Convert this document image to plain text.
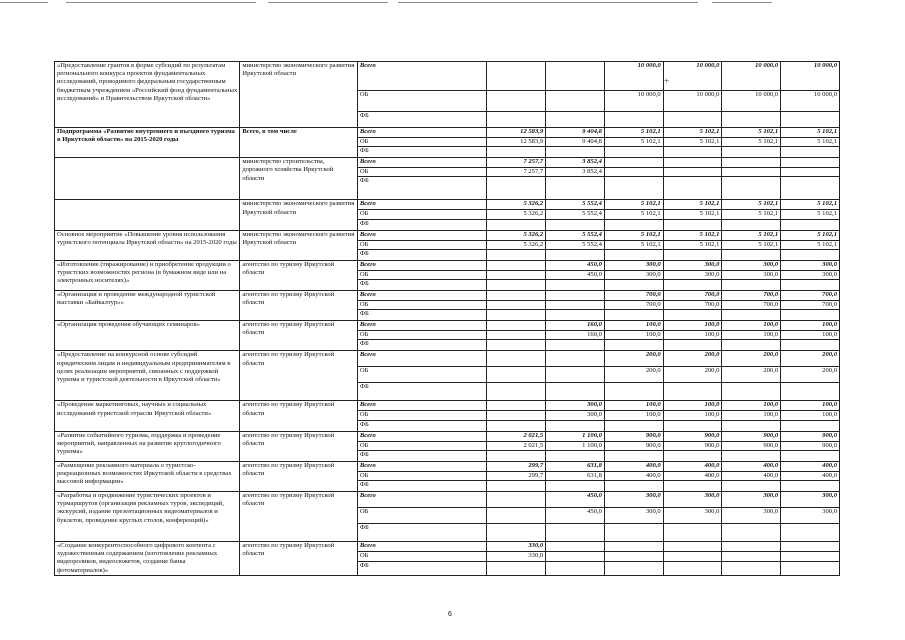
+
«Предоставление грантов в форме субсидий по результатам регионального конкурса проектов фундаментальных исследований, проводимого федеральным государственным бюджетным учреждением «Российский фонд фундаментальных исследований» и Правительством Иркутской области»	министерство экономического развития Иркутской области	Всего			10 000,0	10 000,0	10 000,0	10 000,0
		ОБ			10 000,0	10 000,0	10 000,0	10 000,0
		ФБ						
Подпрограмма «Развитие внутреннего и въездного туризма в Иркутской области» на 2015-2020 годы	Всего, в том числе	Всего	12 583,9	9 404,8	5 102,1	5 102,1	5 102,1	5 102,1
		ОБ	12 583,9	9 404,8	5 102,1	5 102,1	5 102,1	5 102,1
		ФБ						
	министерство строительства, дорожного хозяйства Иркутской области	Всего	7 257,7	3 852,4				
		ОБ	7 257,7	3 852,4				
		ФБ						
	министерство экономического развития Иркутской области	Всего	5 326,2	5 552,4	5 102,1	5 102,1	5 102,1	5 102,1
		ОБ	5 326,2	5 552,4	5 102,1	5 102,1	5 102,1	5 102,1
		ФБ						
Основное мероприятие «Повышение уровня использования туристского потенциала Иркутской области» на 2015-2020 годы	министерство экономического развития Иркутской области	Всего	5 326,2	5 552,4	5 102,1	5 102,1	5 102,1	5 102,1
		ОБ	5 326,2	5 552,4	5 102,1	5 102,1	5 102,1	5 102,1
		ФБ						
«Изготовление (тиражирование) и приобретение продукции о туристских возможностях региона (в бумажном виде или на электронных носителях)»	агентство по туризму Иркутской области	Всего		450,0	300,0	300,0	300,0	300,0
		ОБ		450,0	300,0	300,0	300,0	300,0
		ФБ						
«Организация и проведение международной туристской выставки «Байкалтур»»	агентство по туризму Иркутской области	Всего			700,0	700,0	700,0	700,0
		ОБ			700,0	700,0	700,0	700,0
		ФБ						
«Организация проведения обучающих семинаров»	агентство по туризму Иркутской области	Всего		160,0	100,0	100,0	100,0	100,0
		ОБ		160,0	100,0	100,0	100,0	100,0
		ФБ						
«Предоставление на конкурсной основе субсидий юридическим лицам и индивидуальным предпринимателям в целях реализации мероприятий, связанных с поддержкой туризма и туристской деятельности в Иркутской области»	агентство по туризму Иркутской области	Всего			200,0	200,0	200,0	200,0
		ОБ			200,0	200,0	200,0	200,0
		ФБ						
«Проведение маркетинговых, научных и социальных исследований туристской отрасли Иркутской области»	агентство по туризму Иркутской области	Всего		300,0	100,0	100,0	100,0	100,0
		ОБ		300,0	100,0	100,0	100,0	100,0
		ФБ						
«Развитие событийного туризма, поддержка и проведение мероприятий, направленных на развитие круглогодичного туризма»	агентство по туризму Иркутской области	Всего	2 021,5	1 100,0	900,0	900,0	900,0	900,0
		ОБ	2 021,5	1 100,0	900,0	900,0	900,0	900,0
		ФБ						
«Размещение рекламного материала о туристско-рекреационных возможностях Иркутской области в средствах массовой информации»	агентство по туризму Иркутской области	Всего	299,7	631,8	400,0	400,0	400,0	400,0
		ОБ	299,7	631,8	400,0	400,0	400,0	400,0
		ФБ						
«Разработка и продвижение туристических проектов и турмаршрутов (организация рекламных туров, экспедиций, экскурсий, издание презентационных видеоматериалов и буклетов, проведение круглых столов, конференций)»	агентство по туризму Иркутской области	Всего		450,0	300,0	300,0	300,0	300,0
		ОБ		450,0	300,0	300,0	300,0	300,0
		ФБ						
«Создание конкурентоспособного цифрового контента с художественным содержанием (изготовление рекламных видеороликов, видеосюжетов, создание банка фотоматериалов)»	агентство по туризму Иркутской области	Всего	330,0					
		ОБ	330,0					
		ФБ						
6
